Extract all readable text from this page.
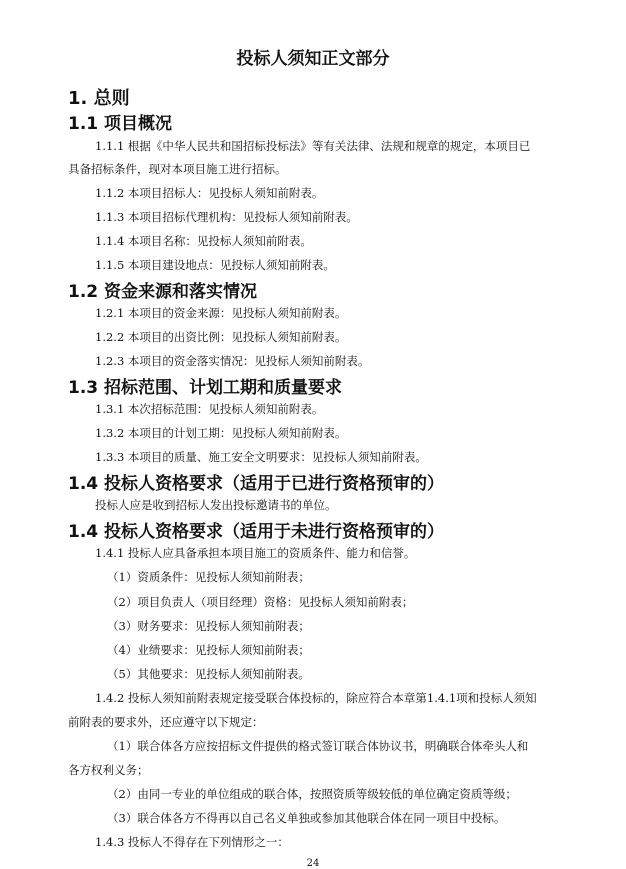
投标人须知正文部分
1. 总则
1.1 项目概况
1.1.1 根据《中华人民共和国招标投标法》等有关法律、法规和规章的规定，本项目已
具备招标条件，现对本项目施工进行招标。
1.1.2 本项目招标人：见投标人须知前附表。
1.1.3 本项目招标代理机构：见投标人须知前附表。
1.1.4 本项目名称：见投标人须知前附表。
1.1.5 本项目建设地点：见投标人须知前附表。
1.2 资金来源和落实情况
1.2.1 本项目的资金来源：见投标人须知前附表。
1.2.2 本项目的出资比例：见投标人须知前附表。
1.2.3 本项目的资金落实情况：见投标人须知前附表。
1.3 招标范围、计划工期和质量要求
1.3.1 本次招标范围：见投标人须知前附表。
1.3.2 本项目的计划工期：见投标人须知前附表。
1.3.3 本项目的质量、施工安全文明要求：见投标人须知前附表。
1.4 投标人资格要求（适用于已进行资格预审的）
投标人应是收到招标人发出投标邀请书的单位。
1.4 投标人资格要求（适用于未进行资格预审的）
1.4.1 投标人应具备承担本项目施工的资质条件、能力和信誉。
（1）资质条件：见投标人须知前附表；
（2）项目负责人（项目经理）资格：见投标人须知前附表；
（3）财务要求：见投标人须知前附表；
（4）业绩要求：见投标人须知前附表；
（5）其他要求：见投标人须知前附表。
1.4.2 投标人须知前附表规定接受联合体投标的，除应符合本章第1.4.1项和投标人须知
前附表的要求外，还应遵守以下规定：
（1）联合体各方应按招标文件提供的格式签订联合体协议书，明确联合体牵头人和
各方权利义务；
（2）由同一专业的单位组成的联合体，按照资质等级较低的单位确定资质等级；
（3）联合体各方不得再以自己名义单独或参加其他联合体在同一项目中投标。
1.4.3 投标人不得存在下列情形之一：
24
